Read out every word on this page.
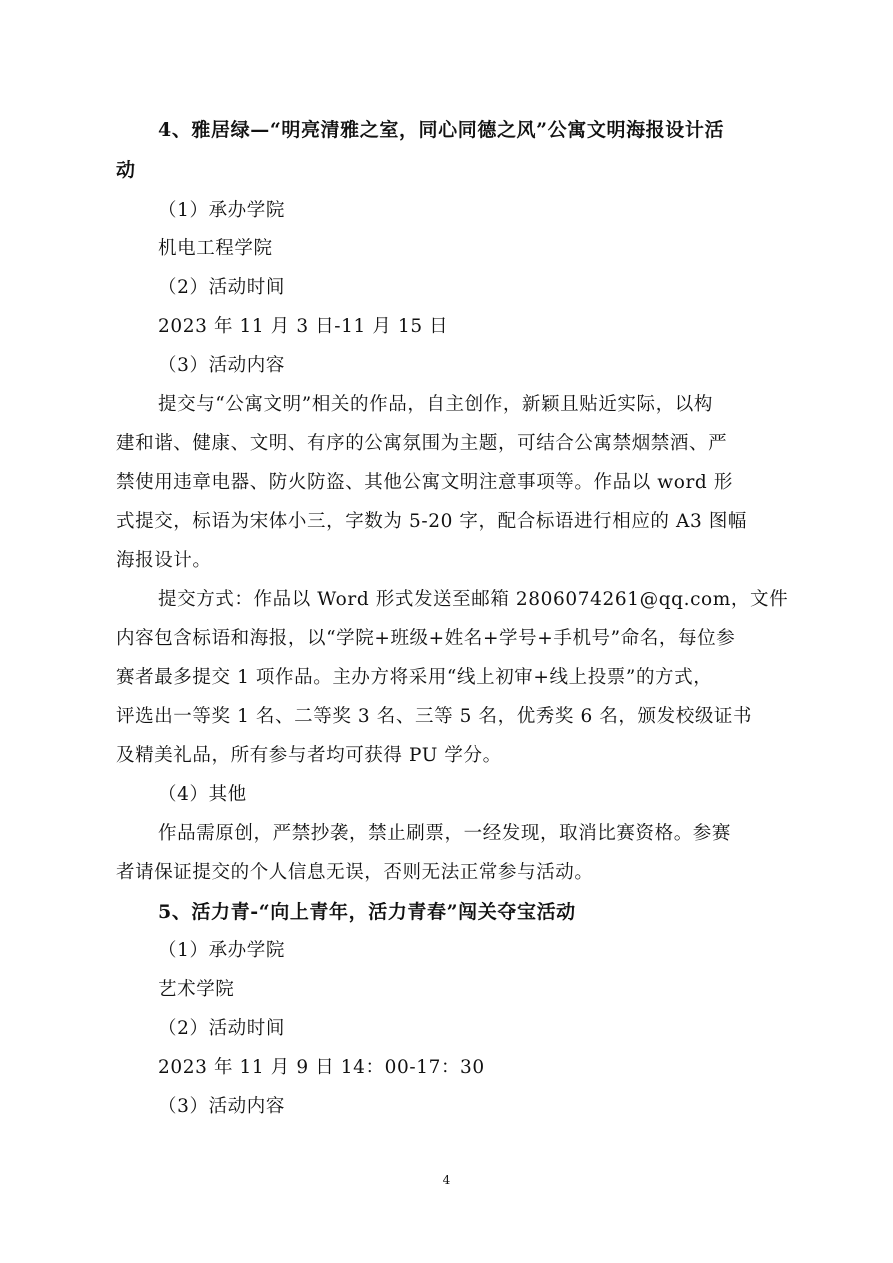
4、雅居绿—“明亮清雅之室，同心同德之风”公寓文明海报设计活
动
（1）承办学院
机电工程学院
（2）活动时间
2023 年 11 月 3 日-11 月 15 日
（3）活动内容
提交与“公寓文明”相关的作品，自主创作，新颖且贴近实际，以构
建和谐、健康、文明、有序的公寓氛围为主题，可结合公寓禁烟禁酒、严
禁使用违章电器、防火防盗、其他公寓文明注意事项等。作品以 word 形
式提交，标语为宋体小三，字数为 5-20 字，配合标语进行相应的 A3 图幅
海报设计。
提交方式：作品以 Word 形式发送至邮箱 2806074261@qq.com，文件
内容包含标语和海报，以“学院+班级+姓名+学号+手机号”命名，每位参
赛者最多提交 1 项作品。主办方将采用“线上初审+线上投票”的方式，
评选出一等奖 1 名、二等奖 3 名、三等 5 名，优秀奖 6 名，颁发校级证书
及精美礼品，所有参与者均可获得 PU 学分。
（4）其他
作品需原创，严禁抄袭，禁止刷票，一经发现，取消比赛资格。参赛
者请保证提交的个人信息无误，否则无法正常参与活动。
5、活力青-“向上青年，活力青春”闯关夺宝活动
（1）承办学院
艺术学院
（2）活动时间
2023 年 11 月 9 日 14：00-17：30
（3）活动内容
4
